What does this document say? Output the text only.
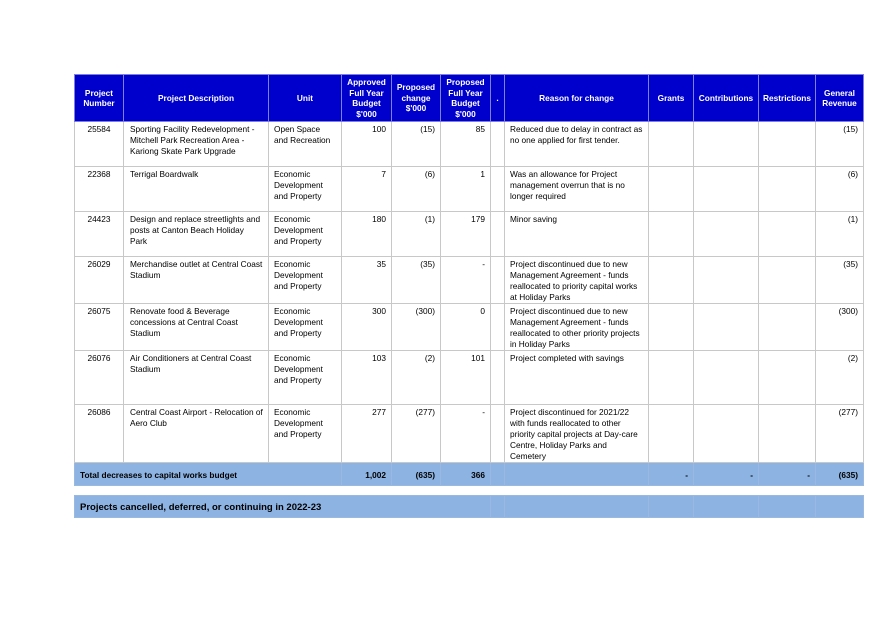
Project Number	Project Description	Unit	Approved Full Year Budget $'000	Proposed change $'000	Proposed Full Year Budget $'000	.	Reason for change	Grants	Contributions	Restrictions	General Revenue
25584	Sporting Facility Redevelopment - Mitchell Park Recreation Area - Kariong Skate Park Upgrade	Open Space and Recreation	100	(15)	85		Reduced due to delay in contract as no one applied for first tender.				(15)
22368	Terrigal Boardwalk	Economic Development and Property	7	(6)	1		Was an allowance for Project management overrun that is no longer required				(6)
24423	Design and replace streetlights and posts at Canton Beach Holiday Park	Economic Development and Property	180	(1)	179		Minor saving				(1)
26029	Merchandise outlet at Central Coast Stadium	Economic Development and Property	35	(35)	-		Project discontinued due to new Management Agreement - funds reallocated to priority capital works at Holiday Parks				(35)
26075	Renovate food & Beverage concessions at Central Coast Stadium	Economic Development and Property	300	(300)	0		Project discontinued due to new Management Agreement - funds reallocated to other priority projects in Holiday Parks				(300)
26076	Air Conditioners at Central Coast Stadium	Economic Development and Property	103	(2)	101		Project completed with savings				(2)
26086	Central Coast Airport - Relocation of Aero Club	Economic Development and Property	277	(277)	-		Project discontinued for 2021/22 with funds reallocated to other priority capital projects at Day-care Centre, Holiday Parks and Cemetery				(277)
Total decreases to capital works budget			1,002	(635)	366			-	-	-	(635)

Projects cancelled, deferred, or continuing in 2022-23											
